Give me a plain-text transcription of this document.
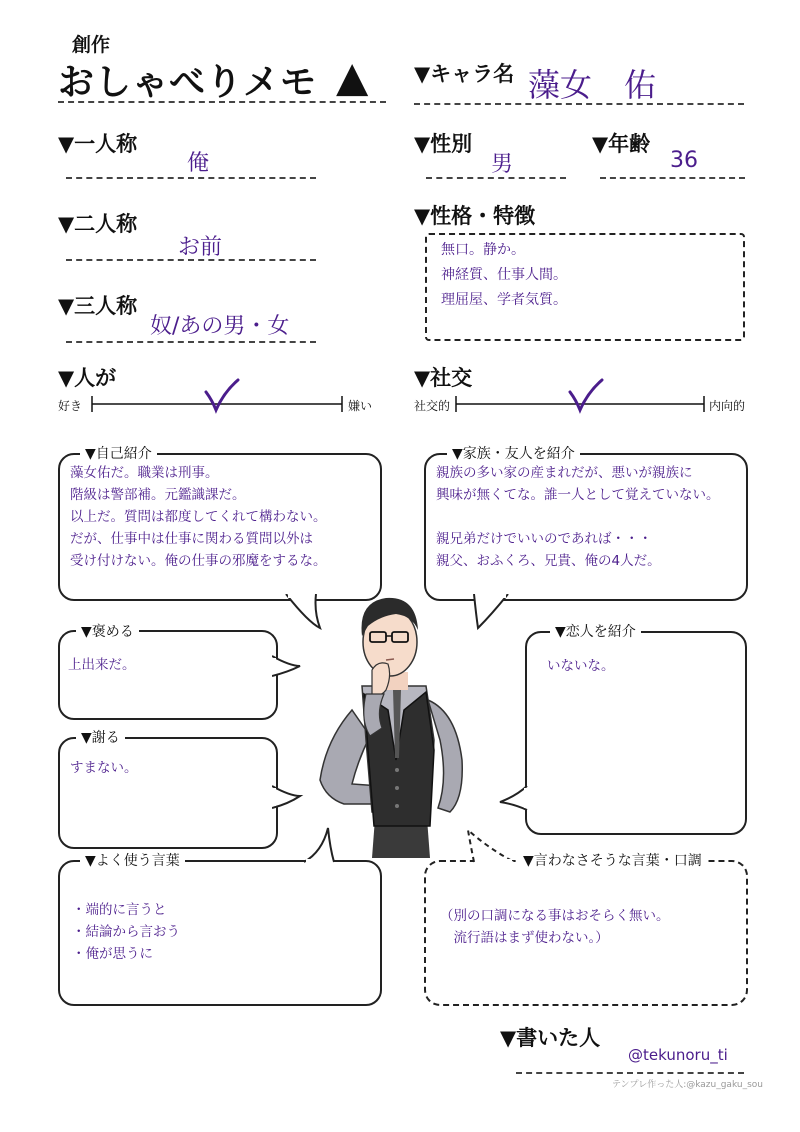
創作
おしゃべりメモ ▲ ▼キャラ名 藻女　佑
▼一人称
俺
▼性別
男
▼年齢
36
▼二人称
お前
▼性格・特徴
無口。静か。
神経質、仕事人間。
理屈屋、学者気質。
▼三人称
奴/あの男・女
▼人が
好き	嫌い
▼社交
社交的	内向的
▼自己紹介
藻女佑だ。職業は刑事。
階級は警部補。元鑑識課だ。
以上だ。質問は都度してくれて構わない。
だが、仕事中は仕事に関わる質問以外は
受け付けない。俺の仕事の邪魔をするな。
▼家族・友人を紹介
親族の多い家の産まれだが、悪いが親族に
興味が無くてな。誰一人として覚えていない。

親兄弟だけでいいのであれば・・・
親父、おふくろ、兄貴、俺の4人だ。
▼褒める
上出来だ。
▼恋人を紹介
いないな。
▼謝る
すまない。
▼よく使う言葉
・端的に言うと
・結論から言おう
・俺が思うに
▼言わなさそうな言葉・口調
（別の口調になる事はおそらく無い。
　流行語はまず使わない。）
▼書いた人
@tekunoru_ti
テンプレ作った人:@kazu_gaku_sou
